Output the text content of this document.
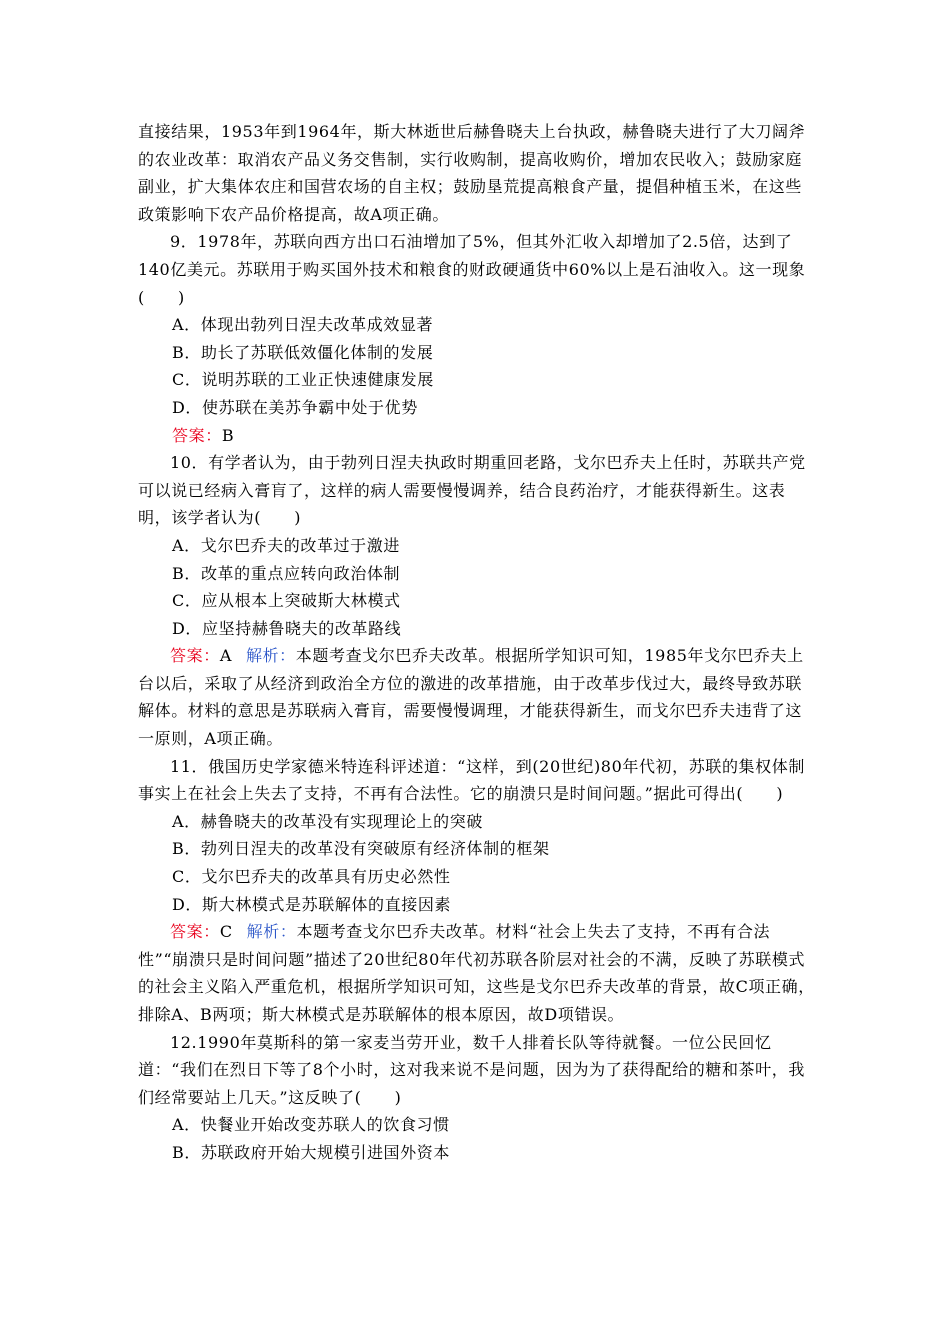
直接结果，1953年到1964年，斯大林逝世后赫鲁晓夫上台执政，赫鲁晓夫进行了大刀阔斧的农业改革：取消农产品义务交售制，实行收购制，提高收购价，增加农民收入；鼓励家庭副业，扩大集体农庄和国营农场的自主权；鼓励垦荒提高粮食产量，提倡种植玉米，在这些政策影响下农产品价格提高，故A项正确。

9．1978年，苏联向西方出口石油增加了5%，但其外汇收入却增加了2.5倍，达到了140亿美元。苏联用于购买国外技术和粮食的财政硬通货中60%以上是石油收入。这一现象(　　)

A．体现出勃列日涅夫改革成效显著

B．助长了苏联低效僵化体制的发展

C．说明苏联的工业正快速健康发展

D．使苏联在美苏争霸中处于优势

答案：B

10．有学者认为，由于勃列日涅夫执政时期重回老路，戈尔巴乔夫上任时，苏联共产党可以说已经病入膏肓了，这样的病人需要慢慢调养，结合良药治疗，才能获得新生。这表明，该学者认为(　　)

A．戈尔巴乔夫的改革过于激进

B．改革的重点应转向政治体制

C．应从根本上突破斯大林模式

D．应坚持赫鲁晓夫的改革路线

答案：A 解析：本题考查戈尔巴乔夫改革。根据所学知识可知，1985年戈尔巴乔夫上台以后，采取了从经济到政治全方位的激进的改革措施，由于改革步伐过大，最终导致苏联解体。材料的意思是苏联病入膏肓，需要慢慢调理，才能获得新生，而戈尔巴乔夫违背了这一原则，A项正确。

11．俄国历史学家德米特连科评述道：“这样，到(20世纪)80年代初，苏联的集权体制事实上在社会上失去了支持，不再有合法性。它的崩溃只是时间问题。”据此可得出(　　)

A．赫鲁晓夫的改革没有实现理论上的突破

B．勃列日涅夫的改革没有突破原有经济体制的框架

C．戈尔巴乔夫的改革具有历史必然性

D．斯大林模式是苏联解体的直接因素

答案：C 解析：本题考查戈尔巴乔夫改革。材料“社会上失去了支持，不再有合法性”“崩溃只是时间问题”描述了20世纪80年代初苏联各阶层对社会的不满，反映了苏联模式的社会主义陷入严重危机，根据所学知识可知，这些是戈尔巴乔夫改革的背景，故C项正确，排除A、B两项；斯大林模式是苏联解体的根本原因，故D项错误。

12.1990年莫斯科的第一家麦当劳开业，数千人排着长队等待就餐。一位公民回忆道：“我们在烈日下等了8个小时，这对我来说不是问题，因为为了获得配给的糖和茶叶，我们经常要站上几天。”这反映了(　　)

A．快餐业开始改变苏联人的饮食习惯

B．苏联政府开始大规模引进国外资本
